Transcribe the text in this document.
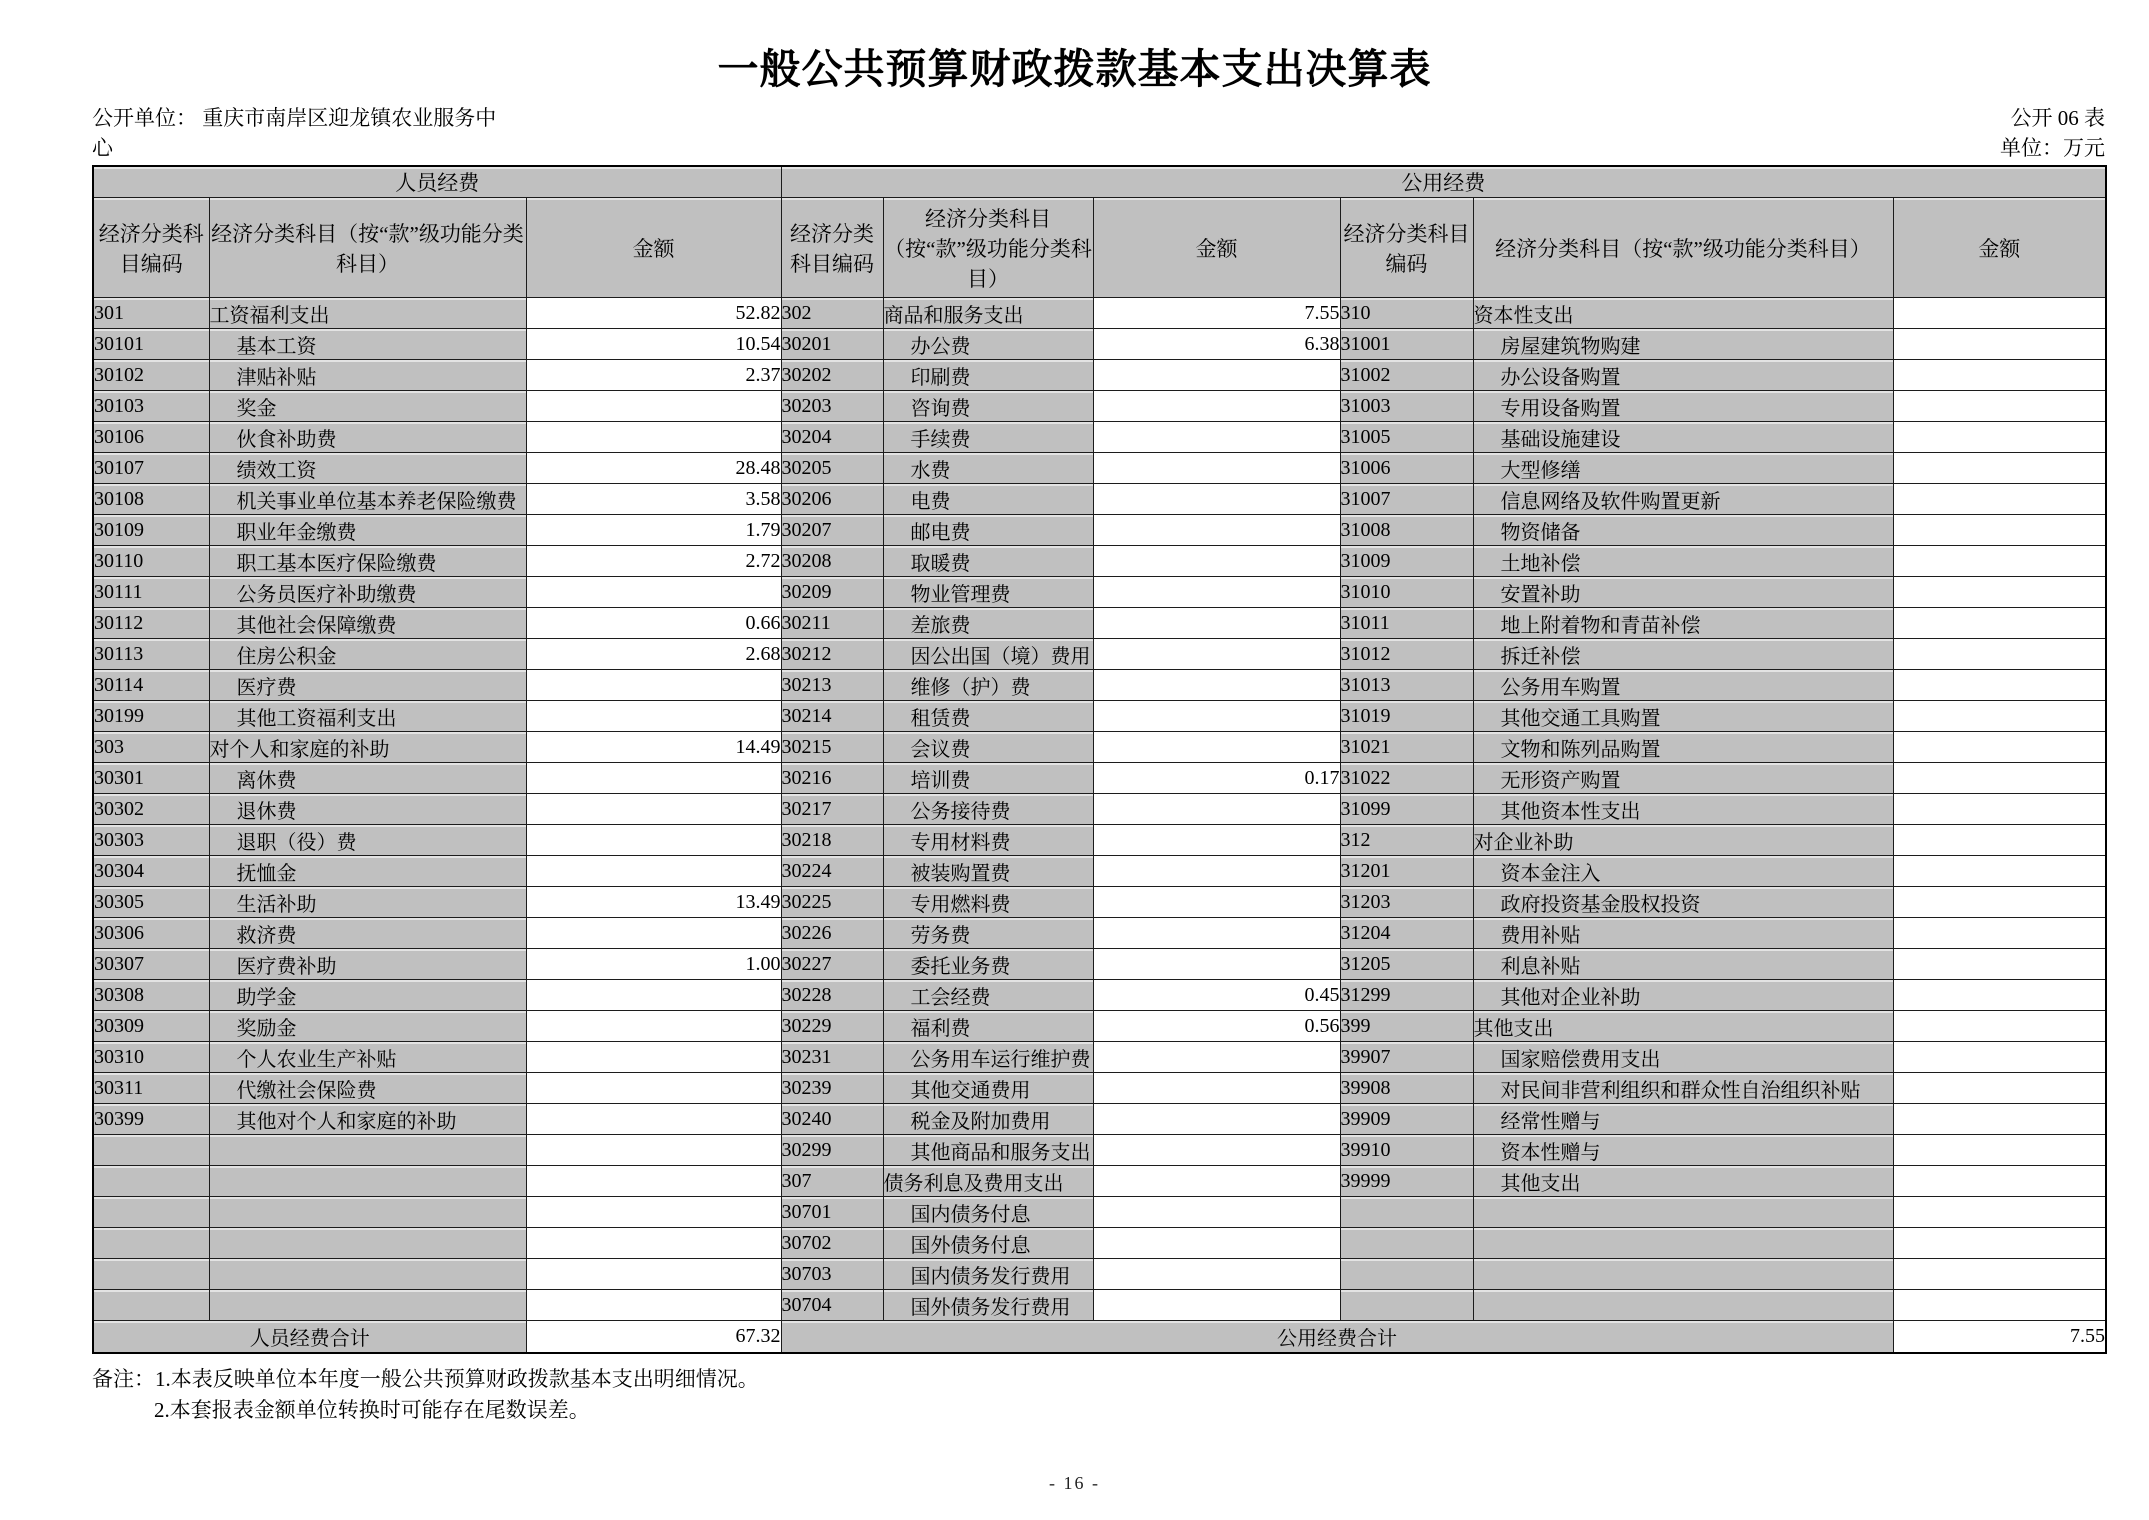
一般公共预算财政拨款基本支出决算表
公开单位： 重庆市南岸区迎龙镇农业服务中心
公开 06 表
单位：万元
人员经费			公用经费					
经济分类科目编码	经济分类科目（按“款”级功能分类科目）	金额	经济分类科目编码	经济分类科目（按“款”级功能分类科目）	金额	经济分类科目编码	经济分类科目（按“款”级功能分类科目）	金额
301	工资福利支出	52.82	302	商品和服务支出	7.55	310	资本性支出	
30101	基本工资	10.54	30201	办公费	6.38	31001	房屋建筑物购建	
30102	津贴补贴	2.37	30202	印刷费		31002	办公设备购置	
30103	奖金		30203	咨询费		31003	专用设备购置	
30106	伙食补助费		30204	手续费		31005	基础设施建设	
30107	绩效工资	28.48	30205	水费		31006	大型修缮	
30108	机关事业单位基本养老保险缴费	3.58	30206	电费		31007	信息网络及软件购置更新	
30109	职业年金缴费	1.79	30207	邮电费		31008	物资储备	
30110	职工基本医疗保险缴费	2.72	30208	取暖费		31009	土地补偿	
30111	公务员医疗补助缴费		30209	物业管理费		31010	安置补助	
30112	其他社会保障缴费	0.66	30211	差旅费		31011	地上附着物和青苗补偿	
30113	住房公积金	2.68	30212	因公出国（境）费用		31012	拆迁补偿	
30114	医疗费		30213	维修（护）费		31013	公务用车购置	
30199	其他工资福利支出		30214	租赁费		31019	其他交通工具购置	
303	对个人和家庭的补助	14.49	30215	会议费		31021	文物和陈列品购置	
30301	离休费		30216	培训费	0.17	31022	无形资产购置	
30302	退休费		30217	公务接待费		31099	其他资本性支出	
30303	退职（役）费		30218	专用材料费		312	对企业补助	
30304	抚恤金		30224	被装购置费		31201	资本金注入	
30305	生活补助	13.49	30225	专用燃料费		31203	政府投资基金股权投资	
30306	救济费		30226	劳务费		31204	费用补贴	
30307	医疗费补助	1.00	30227	委托业务费		31205	利息补贴	
30308	助学金		30228	工会经费	0.45	31299	其他对企业补助	
30309	奖励金		30229	福利费	0.56	399	其他支出	
30310	个人农业生产补贴		30231	公务用车运行维护费		39907	国家赔偿费用支出	
30311	代缴社会保险费		30239	其他交通费用		39908	对民间非营利组织和群众性自治组织补贴	
30399	其他对个人和家庭的补助		30240	税金及附加费用		39909	经常性赠与	
			30299	其他商品和服务支出		39910	资本性赠与	
			307	债务利息及费用支出		39999	其他支出	
			30701	国内债务付息				
			30702	国外债务付息				
			30703	国内债务发行费用				
			30704	国外债务发行费用				
人员经费合计		67.32	公用经费合计					7.55
备注：1.本表反映单位本年度一般公共预算财政拨款基本支出明细情况。
2.本套报表金额单位转换时可能存在尾数误差。
- 16 -
